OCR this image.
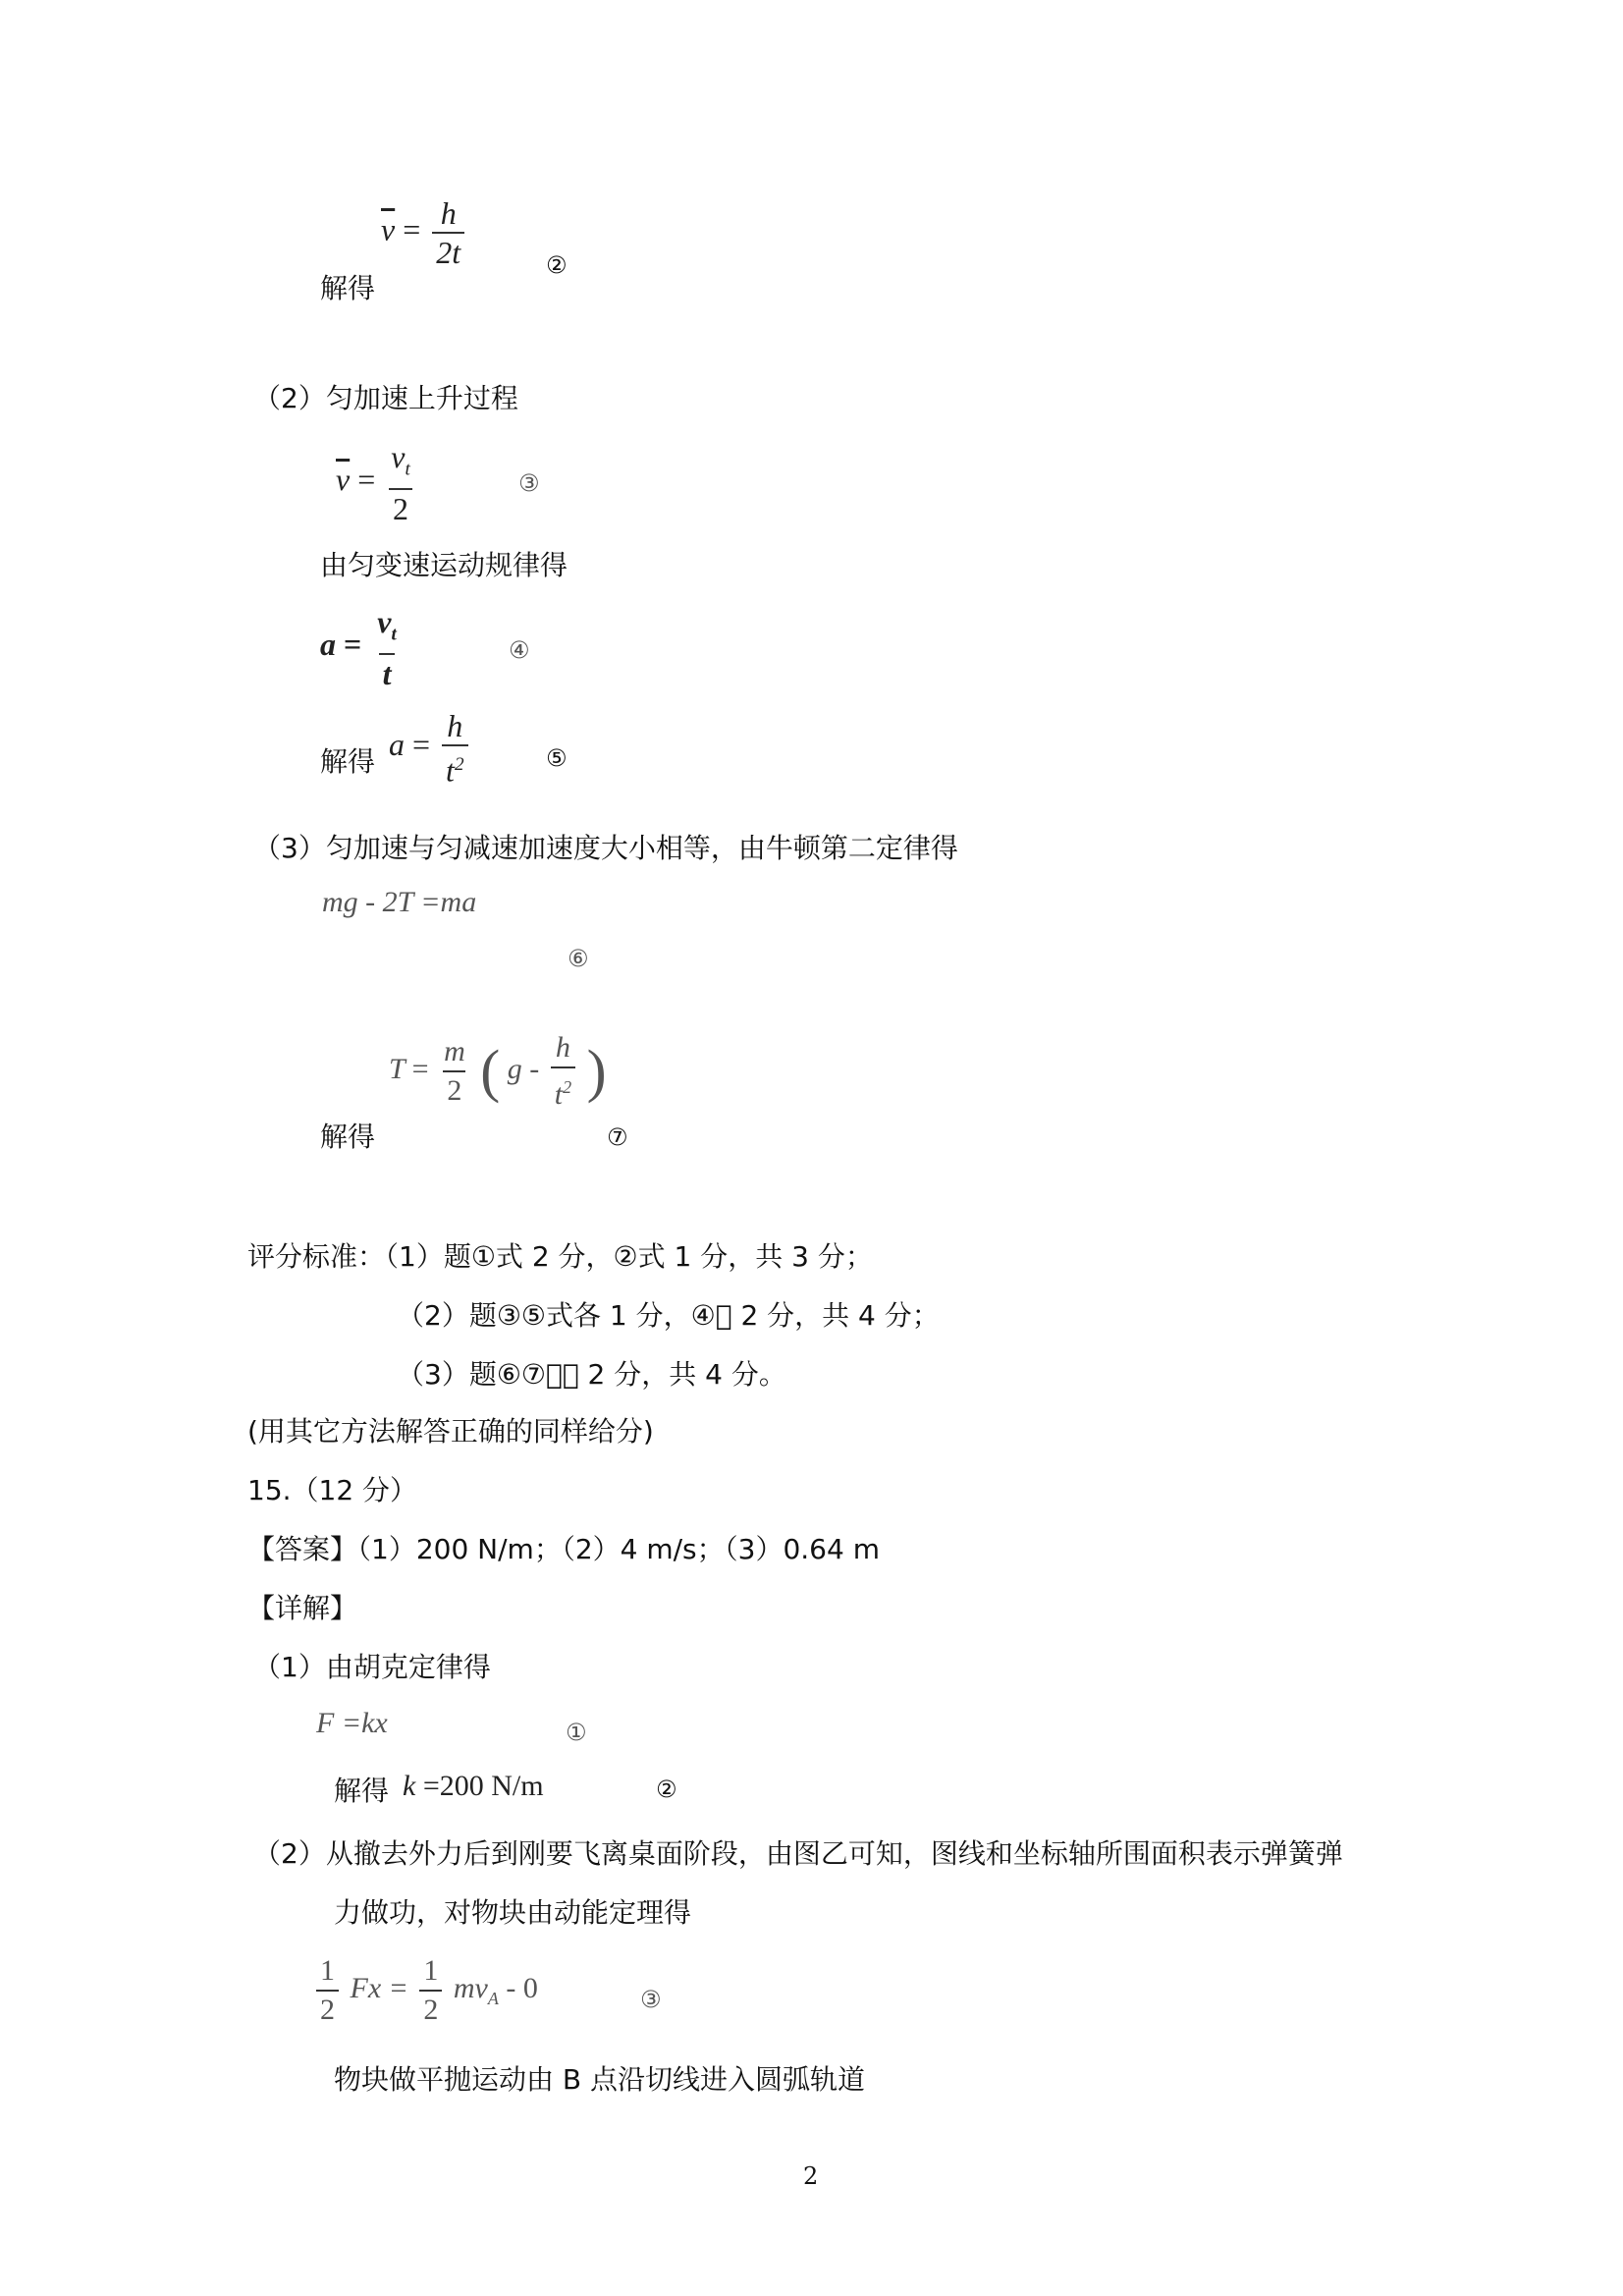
$\overline{v} = \frac{h}{2t}$	②
解得
（2）匀加速上升过程
$\overline{v} = \frac{v_t}{2}$	③
由匀变速运动规律得
$a = \frac{v_t}{t}$	④
解得 $a = \frac{h}{t^2}$	⑤
（3）匀加速与匀减速加速度大小相等，由牛顿第二定律得
mg - 2T =ma
⑥
$T = \frac{m}{2}$ ( g - $\frac{h}{t^2}$ )
解得	⑦
评分标准：（1）题①式 2 分，②式 1 分，共 3 分；
（2）题③⑤式各 1 分，④  2 分，共 4 分；
（3）题⑥⑦   2 分，共 4 分。
(用其它方法解答正确的同样给分)
15.（12 分）
【答案】（1）200 N/m；（2）4 m/s；（3）0.64 m
【详解】
（1）由胡克定律得
F =kx	①
解得 k =200 N/m	②
（2）从撤去外力后到刚要飞离桌面阶段，由图乙可知，图线和坐标轴所围面积表示弹簧弹
力做功，对物块由动能定理得
$\frac{1}{2}$ $Fx = \frac{1}{2} mv_A - 0$	③
物块做平抛运动由 B 点沿切线进入圆弧轨道
2
